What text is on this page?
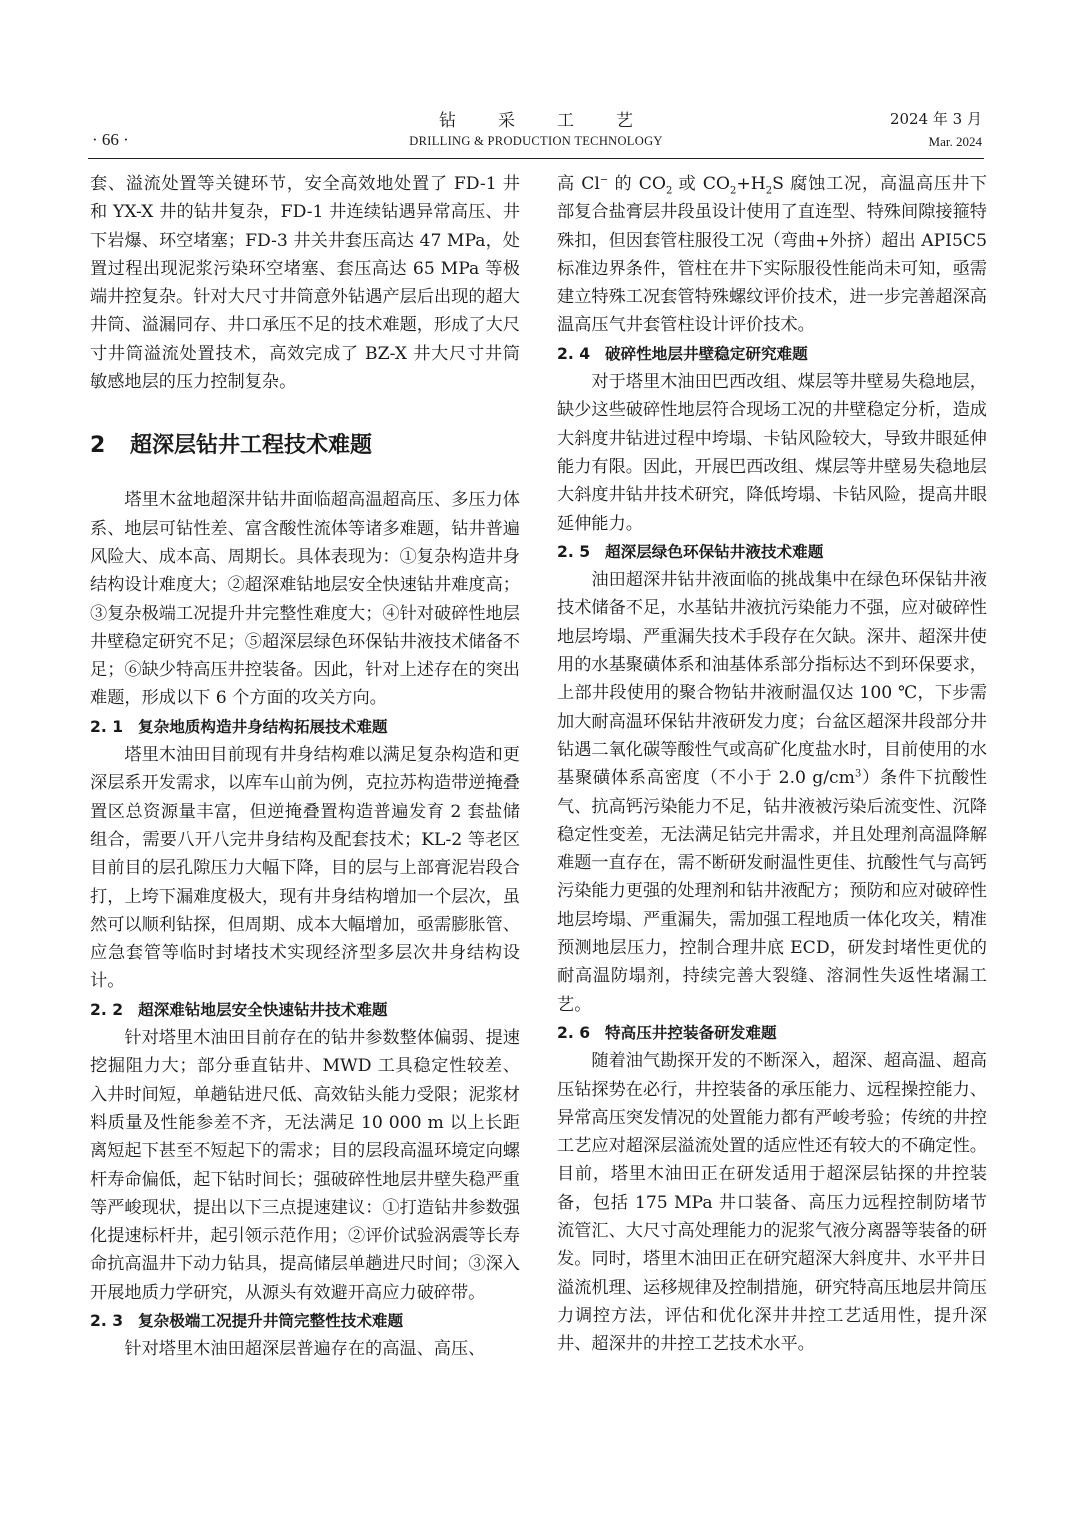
· 66 ·
钻采工艺
DRILLING & PRODUCTION TECHNOLOGY
2024 年 3 月
Mar. 2024

套、溢流处置等关键环节，安全高效地处置了 FD-1 井和 YX-X 井的钻井复杂，FD-1 井连续钻遇异常高压、井下岩爆、环空堵塞；FD-3 井关井套压高达 47 MPa，处置过程出现泥浆污染环空堵塞、套压高达 65 MPa 等极端井控复杂。针对大尺寸井筒意外钻遇产层后出现的超大井筒、溢漏同存、井口承压不足的技术难题，形成了大尺寸井筒溢流处置技术，高效完成了 BZ-X 井大尺寸井筒敏感地层的压力控制复杂。

2 超深层钻井工程技术难题

塔里木盆地超深井钻井面临超高温超高压、多压力体系、地层可钻性差、富含酸性流体等诸多难题，钻井普遍风险大、成本高、周期长。具体表现为：①复杂构造井身结构设计难度大；②超深难钻地层安全快速钻井难度高；③复杂极端工况提升井完整性难度大；④针对破碎性地层井壁稳定研究不足；⑤超深层绿色环保钻井液技术储备不足；⑥缺少特高压井控装备。因此，针对上述存在的突出难题，形成以下 6 个方面的攻关方向。

2. 1 复杂地质构造井身结构拓展技术难题

塔里木油田目前现有井身结构难以满足复杂构造和更深层系开发需求，以库车山前为例，克拉苏构造带逆掩叠置区总资源量丰富，但逆掩叠置构造普遍发育 2 套盐储组合，需要八开八完井身结构及配套技术；KL-2 等老区目前目的层孔隙压力大幅下降，目的层与上部膏泥岩段合打，上垮下漏难度极大，现有井身结构增加一个层次，虽然可以顺利钻探，但周期、成本大幅增加，亟需膨胀管、应急套管等临时封堵技术实现经济型多层次井身结构设计。

2. 2 超深难钻地层安全快速钻井技术难题

针对塔里木油田目前存在的钻井参数整体偏弱、提速挖掘阻力大；部分垂直钻井、MWD 工具稳定性较差、入井时间短，单趟钻进尺低、高效钻头能力受限；泥浆材料质量及性能参差不齐，无法满足 10 000 m 以上长距离短起下甚至不短起下的需求；目的层段高温环境定向螺杆寿命偏低，起下钻时间长；强破碎性地层井壁失稳严重等严峻现状，提出以下三点提速建议：①打造钻井参数强化提速标杆井，起引领示范作用；②评价试验涡震等长寿命抗高温井下动力钻具，提高储层单趟进尺时间；③深入开展地质力学研究，从源头有效避开高应力破碎带。

2. 3 复杂极端工况提升井筒完整性技术难题

针对塔里木油田超深层普遍存在的高温、高压、

高 Cl− 的 $CO_2$ 或 $CO_2+H_2S$ 腐蚀工况，高温高压井下部复合盐膏层井段虽设计使用了直连型、特殊间隙接箍特殊扣，但因套管柱服役工况（弯曲+外挤）超出 API5C5 标准边界条件，管柱在井下实际服役性能尚未可知，亟需建立特殊工况套管特殊螺纹评价技术，进一步完善超深高温高压气井套管柱设计评价技术。

2. 4 破碎性地层井壁稳定研究难题

对于塔里木油田巴西改组、煤层等井壁易失稳地层，缺少这些破碎性地层符合现场工况的井壁稳定分析，造成大斜度井钻进过程中垮塌、卡钻风险较大，导致井眼延伸能力有限。因此，开展巴西改组、煤层等井壁易失稳地层大斜度井钻井技术研究，降低垮塌、卡钻风险，提高井眼延伸能力。

2. 5 超深层绿色环保钻井液技术难题

油田超深井钻井液面临的挑战集中在绿色环保钻井液技术储备不足，水基钻井液抗污染能力不强，应对破碎性地层垮塌、严重漏失技术手段存在欠缺。深井、超深井使用的水基聚磺体系和油基体系部分指标达不到环保要求，上部井段使用的聚合物钻井液耐温仅达 100 ℃，下步需加大耐高温环保钻井液研发力度；台盆区超深井段部分井钻遇二氧化碳等酸性气或高矿化度盐水时，目前使用的水基聚磺体系高密度（不小于 2.0 $g/cm^3$）条件下抗酸性气、抗高钙污染能力不足，钻井液被污染后流变性、沉降稳定性变差，无法满足钻完井需求，并且处理剂高温降解难题一直存在，需不断研发耐温性更佳、抗酸性气与高钙污染能力更强的处理剂和钻井液配方；预防和应对破碎性地层垮塌、严重漏失，需加强工程地质一体化攻关，精准预测地层压力，控制合理井底 ECD，研发封堵性更优的耐高温防塌剂，持续完善大裂缝、溶洞性失返性堵漏工艺。

2. 6 特高压井控装备研发难题

随着油气勘探开发的不断深入，超深、超高温、超高压钻探势在必行，井控装备的承压能力、远程操控能力、异常高压突发情况的处置能力都有严峻考验；传统的井控工艺应对超深层溢流处置的适应性还有较大的不确定性。目前，塔里木油田正在研发适用于超深层钻探的井控装备，包括 175 MPa 井口装备、高压力远程控制防堵节流管汇、大尺寸高处理能力的泥浆气液分离器等装备的研发。同时，塔里木油田正在研究超深大斜度井、水平井日溢流机理、运移规律及控制措施，研究特高压地层井筒压力调控方法，评估和优化深井井控工艺适用性，提升深井、超深井的井控工艺技术水平。
